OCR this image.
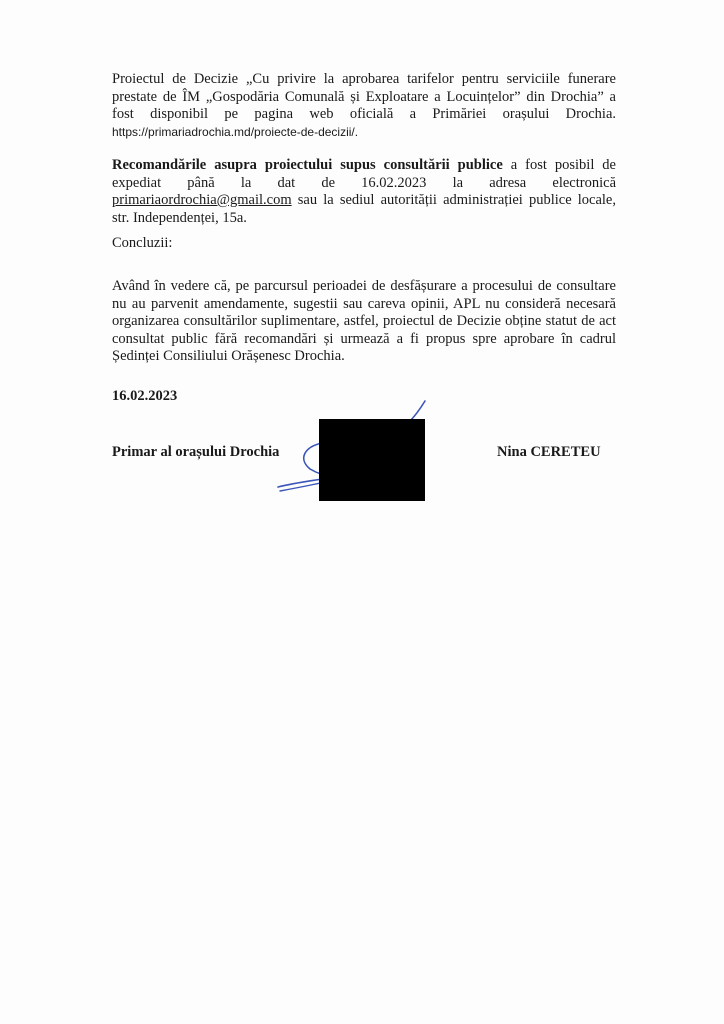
Proiectul de Decizie „Cu privire la aprobarea tarifelor pentru serviciile funerare prestate de ÎM „Gospodăria Comunală și Exploatare a Locuințelor” din Drochia” a fost disponibil pe pagina web oficială a Primăriei orașului Drochia. https://primariadrochia.md/proiecte-de-decizii/.

Recomandările asupra proiectului supus consultării publice a fost posibil de expediat până la dat de 16.02.2023 la adresa electronică primariaordrochia@gmail.com sau la sediul autorității administrației publice locale, str. Independenței, 15a.

Concluzii:

Având în vedere că, pe parcursul perioadei de desfășurare a procesului de consultare nu au parvenit amendamente, sugestii sau careva opinii, APL nu consideră necesară organizarea consultărilor suplimentare, astfel, proiectul de Decizie obține statut de act consultat public fără recomandări și urmează a fi propus spre aprobare în cadrul Ședinței Consiliului Orășenesc Drochia.

16.02.2023
Primar al orașului Drochia	Nina CERETEU
